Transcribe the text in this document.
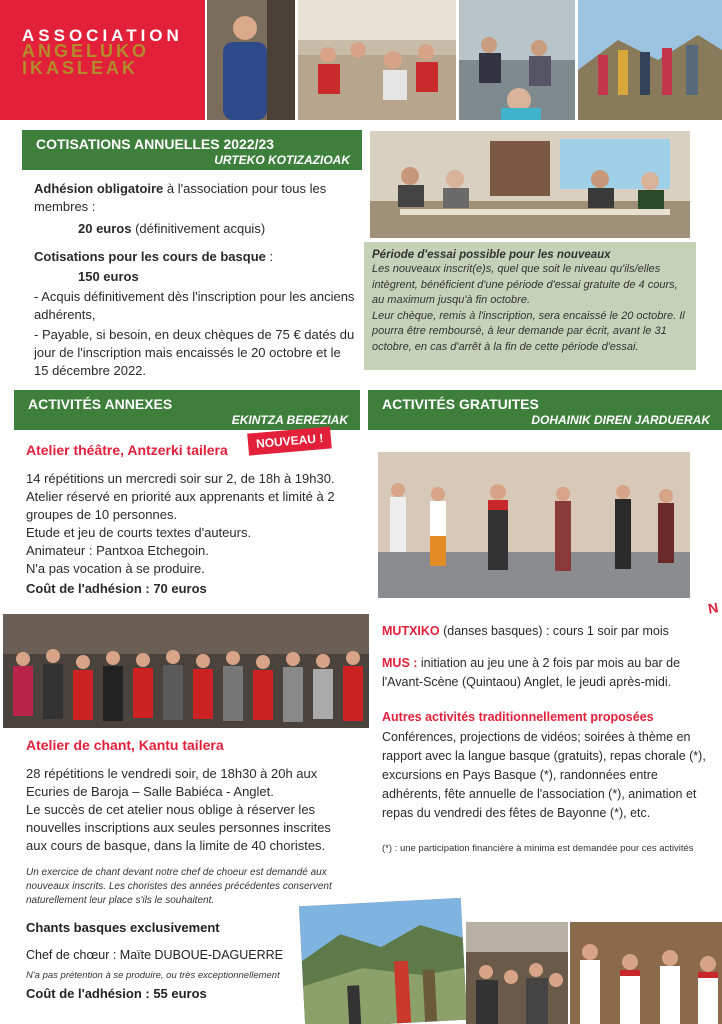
ASSOCIATION
ANGELUKO
IKASLEAK
COTISATIONS ANNUELLES 2022/23
URTEKO KOTIZAZIOAK

Adhésion obligatoire à l'association pour tous les membres :

20 euros (définitivement acquis)

Cotisations pour les cours de basque :

150 euros

- Acquis définitivement dès l'inscription pour les anciens adhérents,

- Payable, si besoin, en deux chèques de 75 € datés du jour de l'inscription mais encaissés le 20 octobre et le 15 décembre 2022.

Période d'essai possible pour les nouveaux
Les nouveaux inscrit(e)s, quel que soit le niveau qu'ils/elles intègrent, bénéficient d'une période d'essai gratuite de 4 cours, au maximum jusqu'à fin octobre.
Leur chèque, remis à l'inscription, sera encaissé le 20 octobre. Il pourra être remboursé, à leur demande par écrit, avant le 31 octobre, en cas d'arrêt à la fin de cette période d'essai.
ACTIVITÉS ANNEXES
EKINTZA BEREZIAK
Atelier théâtre, Antzerki tailera	NOUVEAU !

14 répétitions un mercredi soir sur 2, de 18h à 19h30.

Atelier réservé en priorité aux apprenants et limité à 2 groupes de 10 personnes.

Etude et jeu de courts textes d'auteurs.

Animateur : Pantxoa Etchegoin.

N'a pas vocation à se produire.

Coût de l'adhésion : 70 euros

Atelier de chant, Kantu tailera

28 répétitions le vendredi soir, de 18h30 à 20h aux Ecuries de Baroja – Salle Babiéca - Anglet.

Le succès de cet atelier nous oblige à réserver les nouvelles inscriptions aux seules personnes inscrites aux cours de basque, dans la limite de 40 choristes.

Un exercice de chant devant notre chef de choeur est demandé aux nouveaux inscrits. Les choristes des années précédentes conservent naturellement leur place s'ils le souhaitent.
Chants basques exclusivement
Chef de chœur : Maïte DUBOUE-DAGUERRE
N'a pas prétention à se produire, ou très exceptionnellement
Coût de l'adhésion : 55 euros
ACTIVITÉS GRATUITES
DOHAINIK DIREN JARDUERAK
N
MUTXIKO (danses basques) : cours 1 soir par mois
MUS : initiation au jeu une à 2 fois par mois au bar de l'Avant-Scène (Quintaou) Anglet, le jeudi après-midi.
Autres activités traditionnellement proposées
Conférences, projections de vidéos; soirées à thème en rapport avec la langue basque (gratuits), repas chorale (*), excursions en Pays Basque (*), randonnées entre adhérents, fête annuelle de l'association (*), animation et repas du vendredi des fêtes de Bayonne (*), etc.
(*) : une participation financière à minima est demandée pour ces activités
